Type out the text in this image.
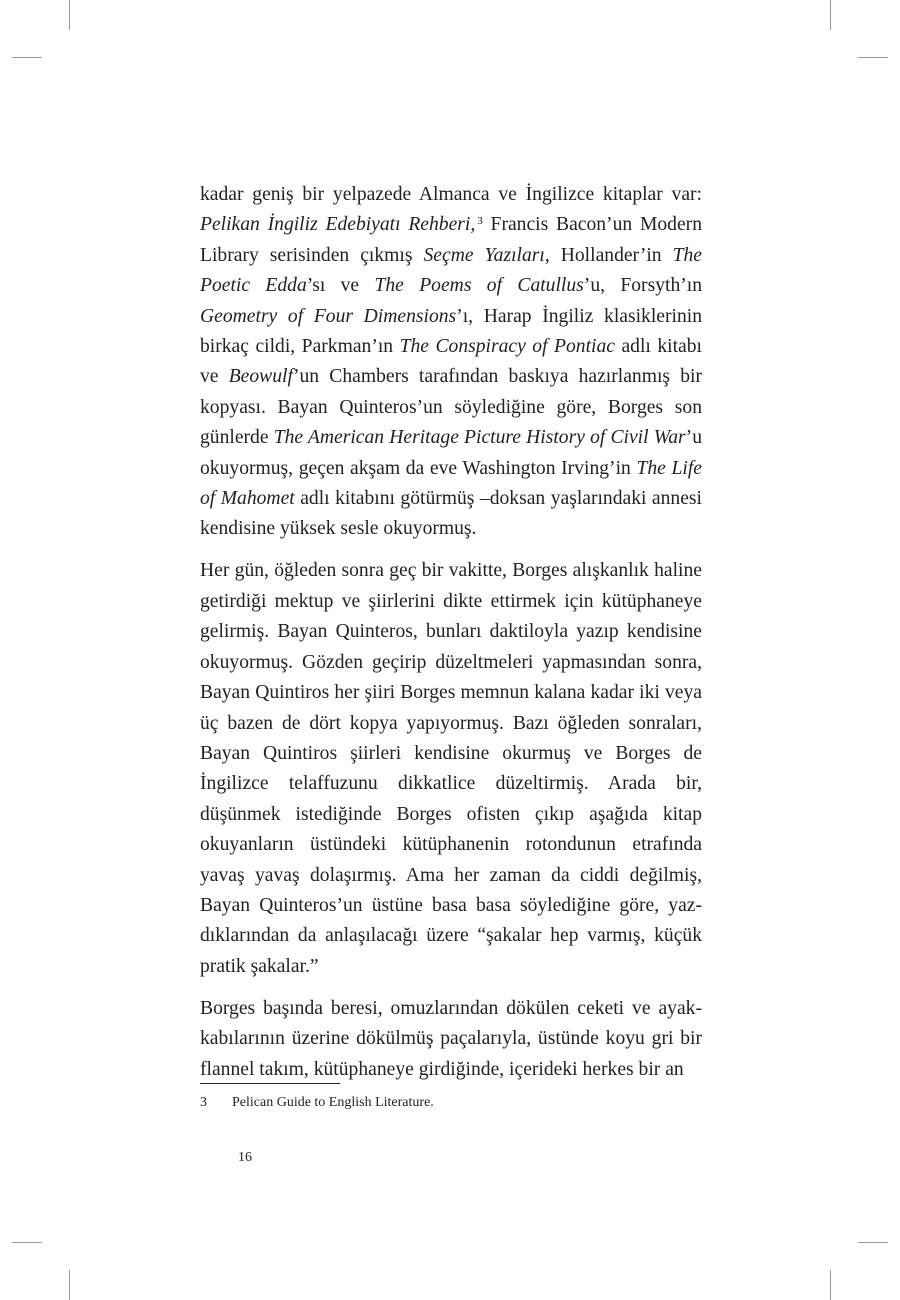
kadar geniş bir yelpazede Almanca ve İngilizce kitaplar var: Pelikan İngiliz Edebiyatı Rehberi, $^3$ Francis Bacon’un Modern Library serisinden çıkmış Seçme Yazıları, Hollander’in The Poetic Edda’sı ve The Poems of Catullus’u, Forsyth’ın Geometry of Four Dimensions’ı, Harap İngiliz klasiklerinin birkaç cildi, Parkman’ın The Conspiracy of Pontiac adlı kitabı ve Beowulf’un Chambers tarafından baskıya hazırlanmış bir kopyası. Bayan Quinteros’un söylediğine göre, Borges son günlerde The American Heritage Picture History of Civil War’u okuyormuş, geçen akşam da eve Washington Irving’in The Life of Mahomet adlı kitabını götürmüş –doksan yaşlarındaki annesi kendisine yüksek sesle okuyormuş.

Her gün, öğleden sonra geç bir vakitte, Borges alışkanlık haline getirdiği mektup ve şiirlerini dikte ettirmek için kütüphaneye gelirmiş. Bayan Quinteros, bunları daktiloyla yazıp kendisine okuyormuş. Gözden geçirip düzeltmeleri yapmasından sonra, Bayan Quintiros her şiiri Borges memnun kalana kadar iki veya üç bazen de dört kopya yapıyormuş. Bazı öğleden sonraları, Bayan Quintiros şiirleri kendisine okurmuş ve Borges de İngilizce telaffuzunu dikkatlice düzeltirmiş. Arada bir, düşünmek istediğinde Borges ofisten çıkıp aşağıda kitap okuyanların üstündeki kütüphanenin rotondunun etrafında yavaş yavaş dolaşırmış. Ama her zaman da ciddi değilmiş, Bayan Quinteros’un üstüne basa basa söylediğine göre, yazdıklarından da anlaşılacağı üzere “şakalar hep varmış, küçük pratik şakalar.”

Borges başında beresi, omuzlarından dökülen ceketi ve ayakkabılarının üzerine dökülmüş paçalarıyla, üstünde koyu gri bir flannel takım, kütüphaneye girdiğinde, içerideki herkes bir an

3 Pelican Guide to English Literature.

16
